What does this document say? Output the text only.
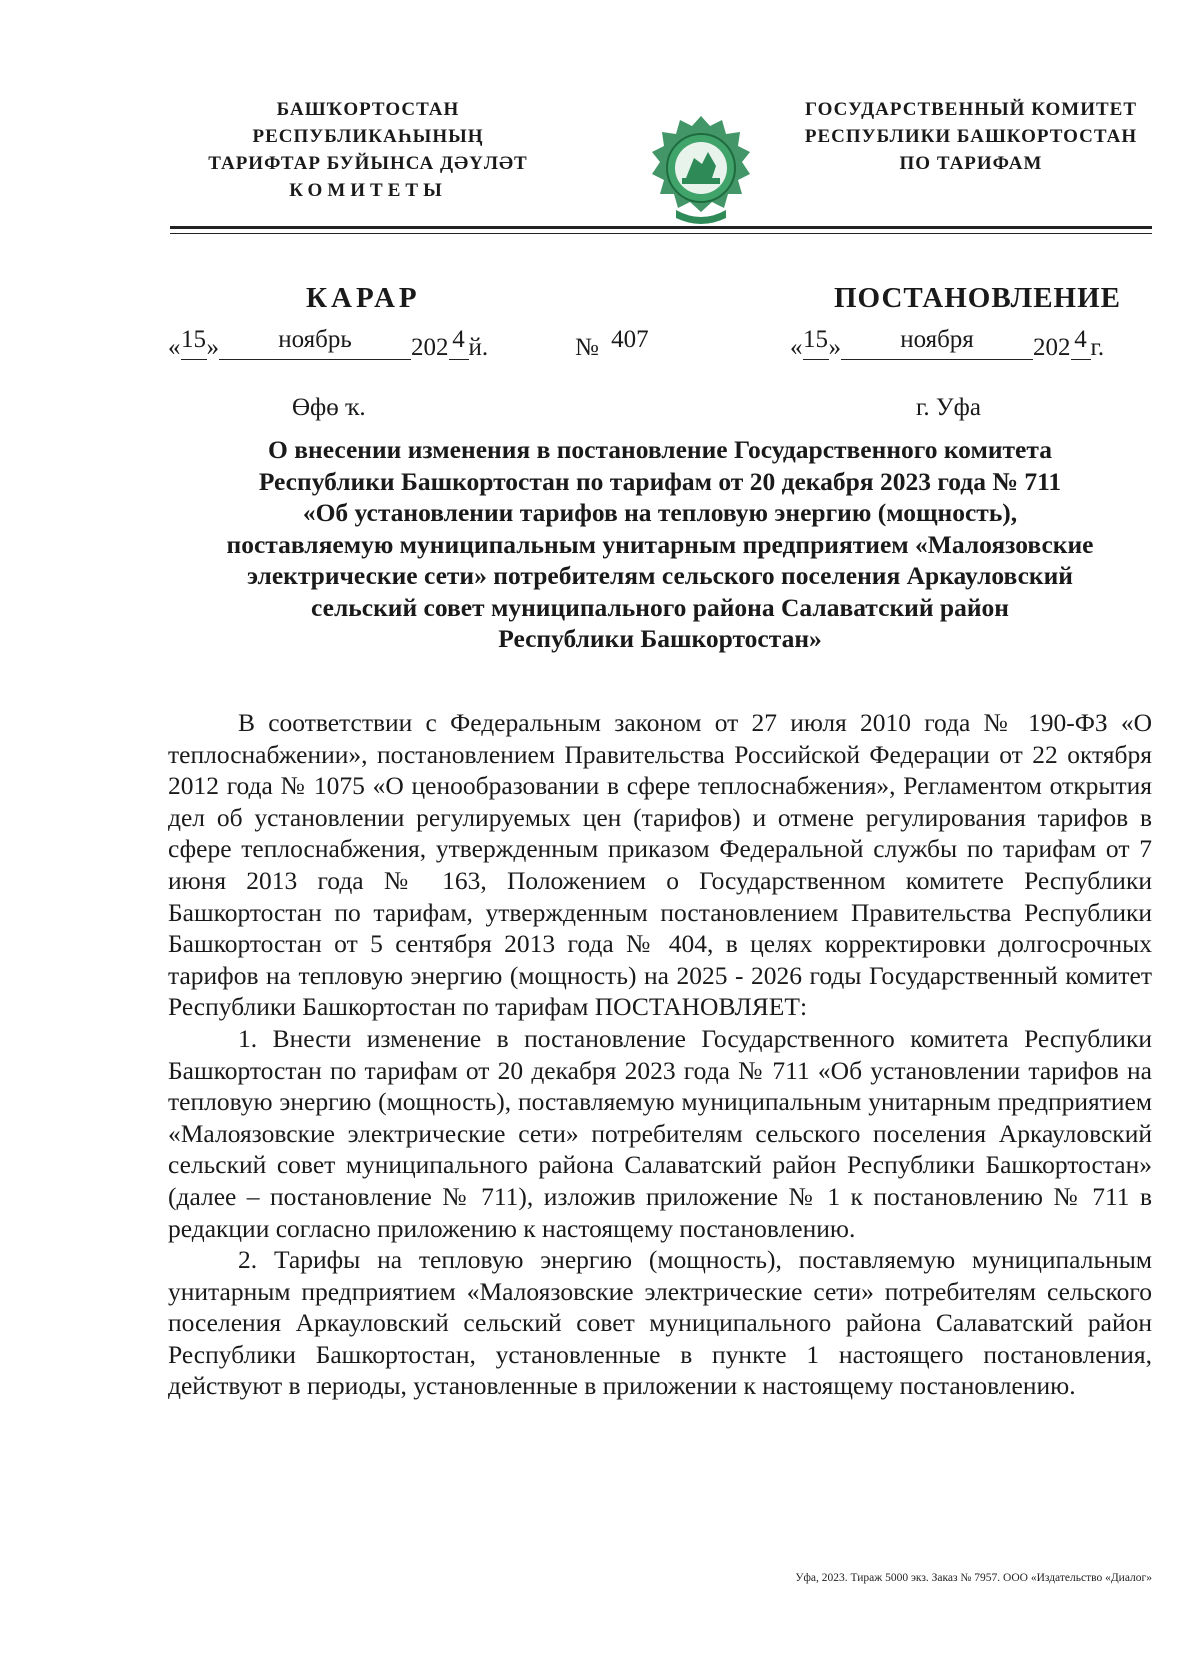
БАШҠОРТОСТАН РЕСПУБЛИКАҺЫНЫҢ
ТАРИФТАР БУЙЫНСА ДӘҮЛӘТ
КОМИТЕТЫ
ГОСУДАРСТВЕННЫЙ КОМИТЕТ
РЕСПУБЛИКИ БАШКОРТОСТАН
ПО ТАРИФАМ
КАРАР	ПОСТАНОВЛЕНИЕ
«15» ноябрь 202 4 й.	№ 407	«15» ноября 202 4 г.
Өфө ҡ.	г. Уфа
О внесении изменения в постановление Государственного комитета
Республики Башкортостан по тарифам от 20 декабря 2023 года № 711
«Об установлении тарифов на тепловую энергию (мощность),
поставляемую муниципальным унитарным предприятием «Малоязовские
электрические сети» потребителям сельского поселения Аркауловский
сельский совет муниципального района Салаватский район
Республики Башкортостан»

В соответствии с Федеральным законом от 27 июля 2010 года № 190-ФЗ «О теплоснабжении», постановлением Правительства Российской Федерации от 22 октября 2012 года № 1075 «О ценообразовании в сфере теплоснабжения», Регламентом открытия дел об установлении регулируемых цен (тарифов) и отмене регулирования тарифов в сфере теплоснабжения, утвержденным приказом Федеральной службы по тарифам от 7 июня 2013 года № 163, Положением о Государственном комитете Республики Башкортостан по тарифам, утвержденным постановлением Правительства Республики Башкортостан от 5 сентября 2013 года № 404, в целях корректировки долгосрочных тарифов на тепловую энергию (мощность) на 2025 - 2026 годы Государственный комитет Республики Башкортостан по тарифам ПОСТАНОВЛЯЕТ:

1. Внести изменение в постановление Государственного комитета Республики Башкортостан по тарифам от 20 декабря 2023 года № 711 «Об установлении тарифов на тепловую энергию (мощность), поставляемую муниципальным унитарным предприятием «Малоязовские электрические сети» потребителям сельского поселения Аркауловский сельский совет муниципального района Салаватский район Республики Башкортостан» (далее – постановление № 711), изложив приложение № 1 к постановлению № 711 в редакции согласно приложению к настоящему постановлению.

2. Тарифы на тепловую энергию (мощность), поставляемую муниципальным унитарным предприятием «Малоязовские электрические сети» потребителям сельского поселения Аркауловский сельский совет муниципального района Салаватский район Республики Башкортостан, установленные в пункте 1 настоящего постановления, действуют в периоды, установленные в приложении к настоящему постановлению.

Уфа, 2023. Тираж 5000 экз. Заказ № 7957. ООО «Издательство «Диалог»
